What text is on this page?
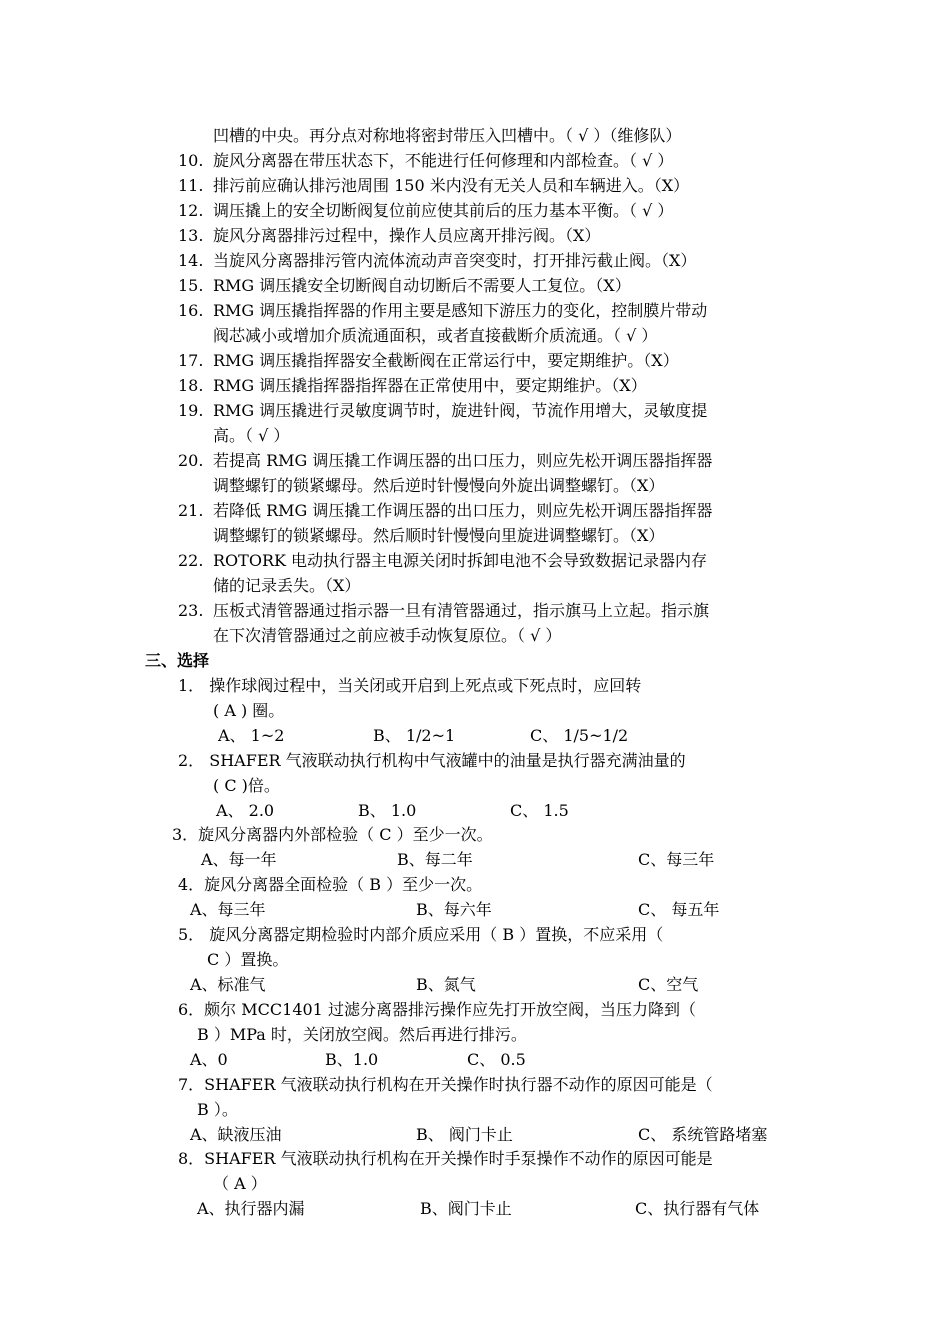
凹槽的中央。再分点对称地将密封带压入凹槽中。（ √ ）（维修队）
10. 旋风分离器在带压状态下，不能进行任何修理和内部检查。（ √ ）
11. 排污前应确认排污池周围 150 米内没有无关人员和车辆进入。（X）
12. 调压撬上的安全切断阀复位前应使其前后的压力基本平衡。（ √ ）
13. 旋风分离器排污过程中，操作人员应离开排污阀。（X）
14. 当旋风分离器排污管内流体流动声音突变时，打开排污截止阀。（X）
15. RMG 调压撬安全切断阀自动切断后不需要人工复位。（X）
16. RMG 调压撬指挥器的作用主要是感知下游压力的变化，控制膜片带动
阀芯减小或增加介质流通面积，或者直接截断介质流通。（ √ ）
17. RMG 调压撬指挥器安全截断阀在正常运行中，要定期维护。（X）
18. RMG 调压撬指挥器指挥器在正常使用中，要定期维护。（X）
19. RMG 调压撬进行灵敏度调节时，旋进针阀，节流作用增大，灵敏度提
高。（ √ ）
20. 若提高 RMG 调压撬工作调压器的出口压力，则应先松开调压器指挥器
调整螺钉的锁紧螺母。然后逆时针慢慢向外旋出调整螺钉。（X）
21. 若降低 RMG 调压撬工作调压器的出口压力，则应先松开调压器指挥器
调整螺钉的锁紧螺母。然后顺时针慢慢向里旋进调整螺钉。（X）
22. ROTORK 电动执行器主电源关闭时拆卸电池不会导致数据记录器内存
储的记录丢失。（X）
23. 压板式清管器通过指示器一旦有清管器通过，指示旗马上立起。指示旗
在下次清管器通过之前应被手动恢复原位。（ √ ）
三、选择
1． 操作球阀过程中，当关闭或开启到上死点或下死点时，应回转
( A ) 圈。
A、 1~2	B、 1/2~1	C、 1/5~1/2
2． SHAFER 气液联动执行机构中气液罐中的油量是执行器充满油量的
( C )倍。
A、 2.0	B、 1.0	C、 1.5
3．旋风分离器内外部检验（ C ）至少一次。
A、每一年	B、每二年	C、每三年
4．旋风分离器全面检验（ B ）至少一次。
A、每三年	B、每六年	C、 每五年
5． 旋风分离器定期检验时内部介质应采用（ B ）置换，不应采用（
C ）置换。
A、标准气	B、氮气	C、空气
6．颇尔 MCC1401 过滤分离器排污操作应先打开放空阀，当压力降到（
B ）MPa 时，关闭放空阀。然后再进行排污。
A、0	B、1.0	C、 0.5
7．SHAFER 气液联动执行机构在开关操作时执行器不动作的原因可能是（
B ）。
A、缺液压油	B、 阀门卡止	C、 系统管路堵塞
8．SHAFER 气液联动执行机构在开关操作时手泵操作不动作的原因可能是
（ A ）
A、执行器内漏	B、阀门卡止	C、执行器有气体
